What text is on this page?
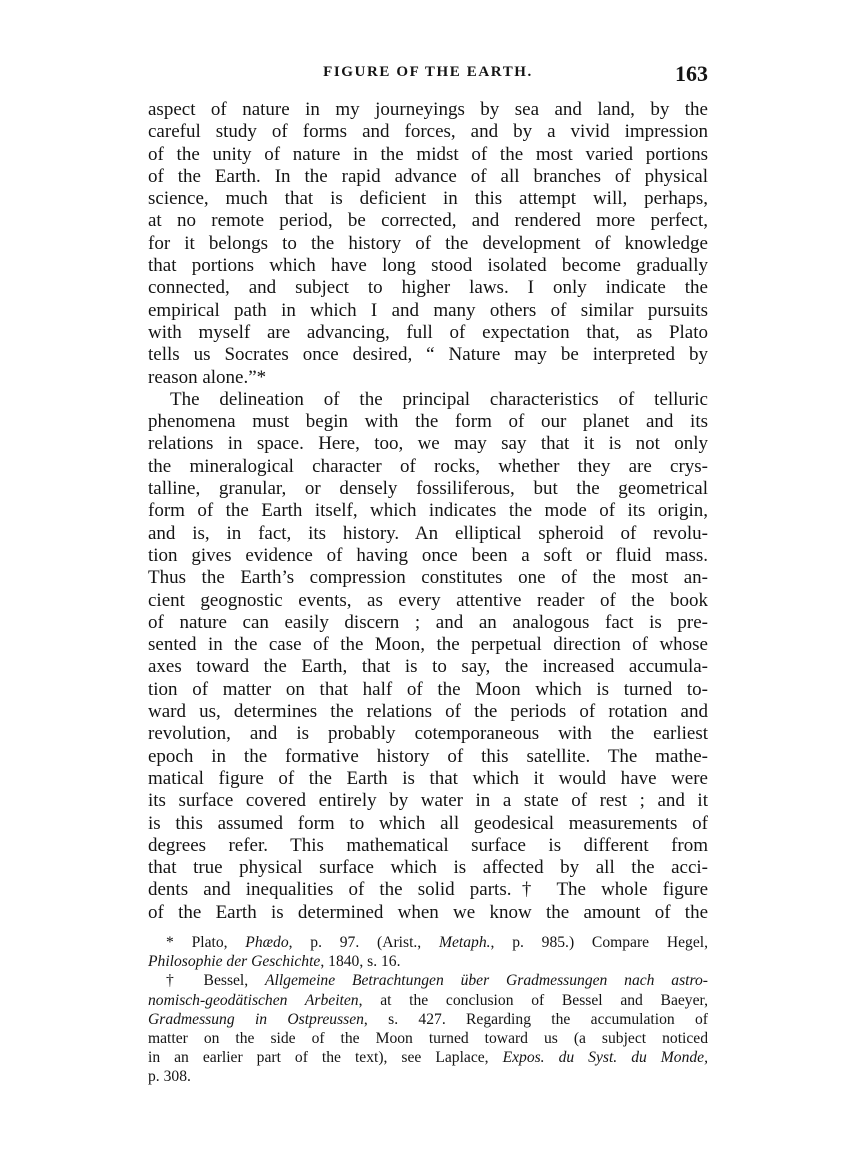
FIGURE OF THE EARTH.	163
aspect of nature in my journeyings by sea and land, by the
careful study of forms and forces, and by a vivid impression
of the unity of nature in the midst of the most varied portions
of the Earth. In the rapid advance of all branches of physical
science, much that is deficient in this attempt will, perhaps,
at no remote period, be corrected, and rendered more perfect,
for it belongs to the history of the development of knowledge
that portions which have long stood isolated become gradually
connected, and subject to higher laws. I only indicate the
empirical path in which I and many others of similar pursuits
with myself are advancing, full of expectation that, as Plato
tells us Socrates once desired, “ Nature may be interpreted by
reason alone.”*
The delineation of the principal characteristics of telluric
phenomena must begin with the form of our planet and its
relations in space. Here, too, we may say that it is not only
the mineralogical character of rocks, whether they are crys-
talline, granular, or densely fossiliferous, but the geometrical
form of the Earth itself, which indicates the mode of its origin,
and is, in fact, its history. An elliptical spheroid of revolu-
tion gives evidence of having once been a soft or fluid mass.
Thus the Earth’s compression constitutes one of the most an-
cient geognostic events, as every attentive reader of the book
of nature can easily discern ; and an analogous fact is pre-
sented in the case of the Moon, the perpetual direction of whose
axes toward the Earth, that is to say, the increased accumula-
tion of matter on that half of the Moon which is turned to-
ward us, determines the relations of the periods of rotation and
revolution, and is probably cotemporaneous with the earliest
epoch in the formative history of this satellite. The mathe-
matical figure of the Earth is that which it would have were
its surface covered entirely by water in a state of rest ; and it
is this assumed form to which all geodesical measurements of
degrees refer. This mathematical surface is different from
that true physical surface which is affected by all the acci-
dents and inequalities of the solid parts.† The whole figure
of the Earth is determined when we know the amount of the
* Plato, Phædo, p. 97. (Arist., Metaph., p. 985.) Compare Hegel,
Philosophie der Geschichte, 1840, s. 16.
† Bessel, Allgemeine Betrachtungen über Gradmessungen nach astro-
nomisch-geodätischen Arbeiten, at the conclusion of Bessel and Baeyer,
Gradmessung in Ostpreussen, s. 427. Regarding the accumulation of
matter on the side of the Moon turned toward us (a subject noticed
in an earlier part of the text), see Laplace, Expos. du Syst. du Monde,
p. 308.
